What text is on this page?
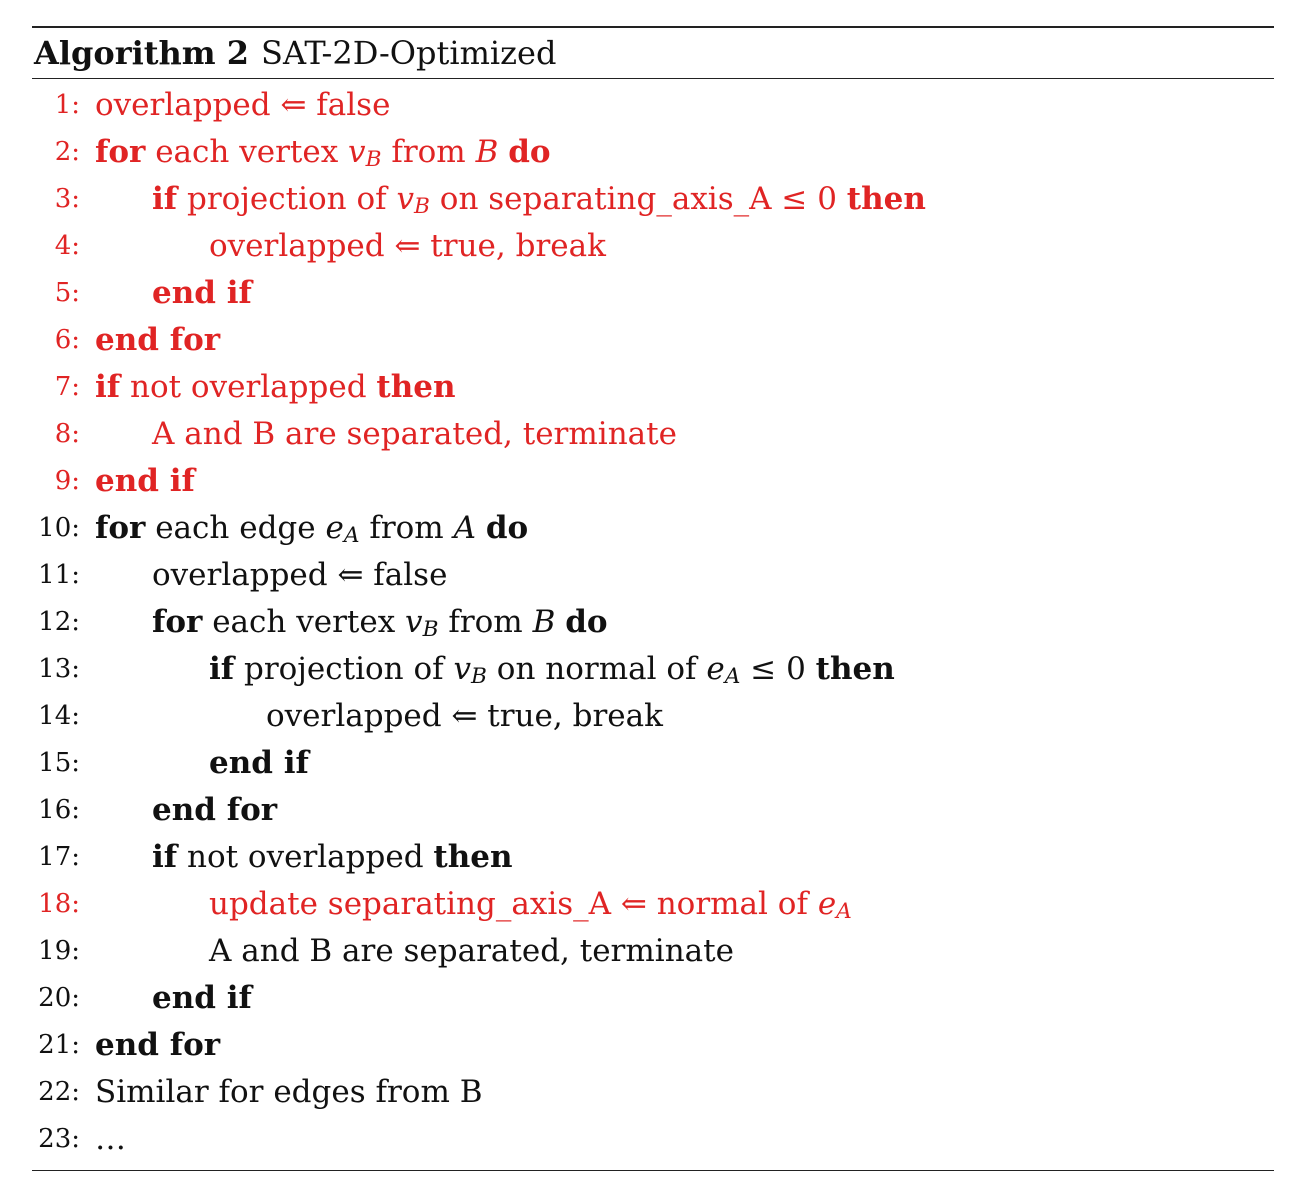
Algorithm 2 SAT-2D-Optimized
1: overlapped ⇐ false
2: for each vertex v B from B
do
3: if projection of v B on separating_axis_A ≤ 0 then
4:	overlapped ⇐ true, break
5: end if
6: end for
7: if not overlapped then
8: A and B are separated, terminate
9: end if
10: for each edge e A from A
do
11: overlapped ⇐ false
12: for each vertex v B from B
do
13:	if projection of v B on normal of e A ≤ 0 then
14:	overlapped ⇐ true, break
15:	end if
16: end for
17: if not overlapped then
18:	update separating_axis_A ⇐ normal of e A
19:	A and B are separated, terminate
20: end if
21: end for
22: Similar for edges from B
23: …
